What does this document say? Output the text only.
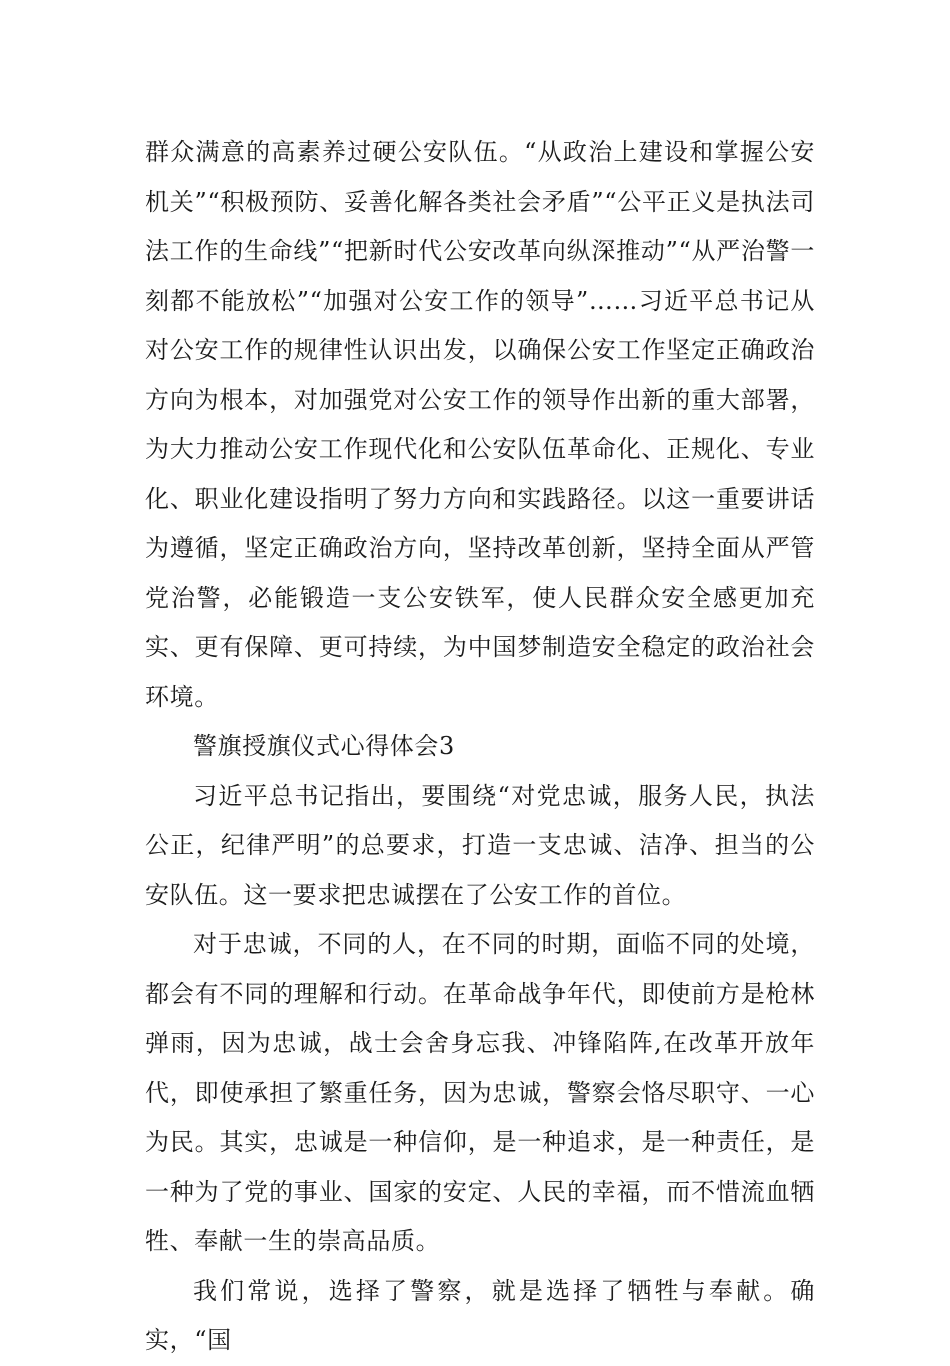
群众满意的高素养过硬公安队伍。“从政治上建设和掌握公安机关”“积极预防、妥善化解各类社会矛盾”“公平正义是执法司法工作的生命线”“把新时代公安改革向纵深推动”“从严治警一刻都不能放松”“加强对公安工作的领导”……习近平总书记从对公安工作的规律性认识出发，以确保公安工作坚定正确政治方向为根本，对加强党对公安工作的领导作出新的重大部署，为大力推动公安工作现代化和公安队伍革命化、正规化、专业化、职业化建设指明了努力方向和实践路径。以这一重要讲话为遵循，坚定正确政治方向，坚持改革创新，坚持全面从严管党治警，必能锻造一支公安铁军，使人民群众安全感更加充实、更有保障、更可持续，为中国梦制造安全稳定的政治社会环境。

警旗授旗仪式心得体会3

习近平总书记指出，要围绕“对党忠诚，服务人民，执法公正，纪律严明”的总要求，打造一支忠诚、洁净、担当的公安队伍。这一要求把忠诚摆在了公安工作的首位。

对于忠诚，不同的人，在不同的时期，面临不同的处境，都会有不同的理解和行动。在革命战争年代，即使前方是枪林弹雨，因为忠诚，战士会舍身忘我、冲锋陷阵,在改革开放年代，即使承担了繁重任务，因为忠诚，警察会恪尽职守、一心为民。其实，忠诚是一种信仰，是一种追求，是一种责任，是一种为了党的事业、国家的安定、人民的幸福，而不惜流血牺牲、奉献一生的崇高品质。

我们常说，选择了警察，就是选择了牺牲与奉献。确实，“国
